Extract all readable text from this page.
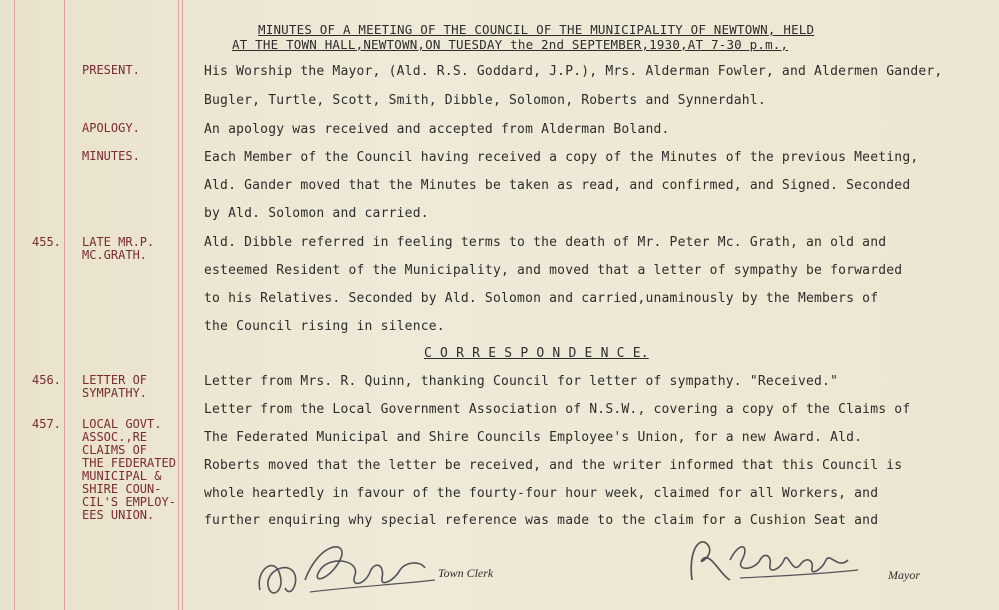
MINUTES OF A MEETING OF THE COUNCIL OF THE MUNICIPALITY OF NEWTOWN, HELD
AT THE TOWN HALL,NEWTOWN,ON TUESDAY the 2nd SEPTEMBER,1930,AT 7-30 p.m.,
PRESENT.
APOLOGY.
MINUTES.
455. LATE MR.P.
MC.GRATH.
456. LETTER OF
SYMPATHY.
457. LOCAL GOVT.
ASSOC.,RE
CLAIMS OF
THE FEDERATED
MUNICIPAL &
SHIRE COUN-
CIL'S EMPLOY-
EES UNION.
His Worship the Mayor, (Ald. R.S. Goddard, J.P.), Mrs. Alderman Fowler, and Aldermen Gander,
Bugler, Turtle, Scott, Smith, Dibble, Solomon, Roberts and Synnerdahl.
An apology was received and accepted from Alderman Boland.
Each Member of the Council having received a copy of the Minutes of the previous Meeting,
Ald. Gander moved that the Minutes be taken as read, and confirmed, and Signed. Seconded
by Ald. Solomon and carried.
Ald. Dibble referred in feeling terms to the death of Mr. Peter Mc. Grath, an old and
esteemed Resident of the Municipality, and moved that a letter of sympathy be forwarded
to his Relatives. Seconded by Ald. Solomon and carried,unaminously by the Members of
the Council rising in silence.
C O R R E S P O N D E N C E.
Letter from Mrs. R. Quinn, thanking Council for letter of sympathy. "Received."
Letter from the Local Government Association of N.S.W., covering a copy of the Claims of
The Federated Municipal and Shire Councils Employee's Union, for a new Award. Ald.
Roberts moved that the letter be received, and the writer informed that this Council is
whole heartedly in favour of the fourty-four hour week, claimed for all Workers, and
further enquiring why special reference was made to the claim for a Cushion Seat and
Town Clerk	Mayor
